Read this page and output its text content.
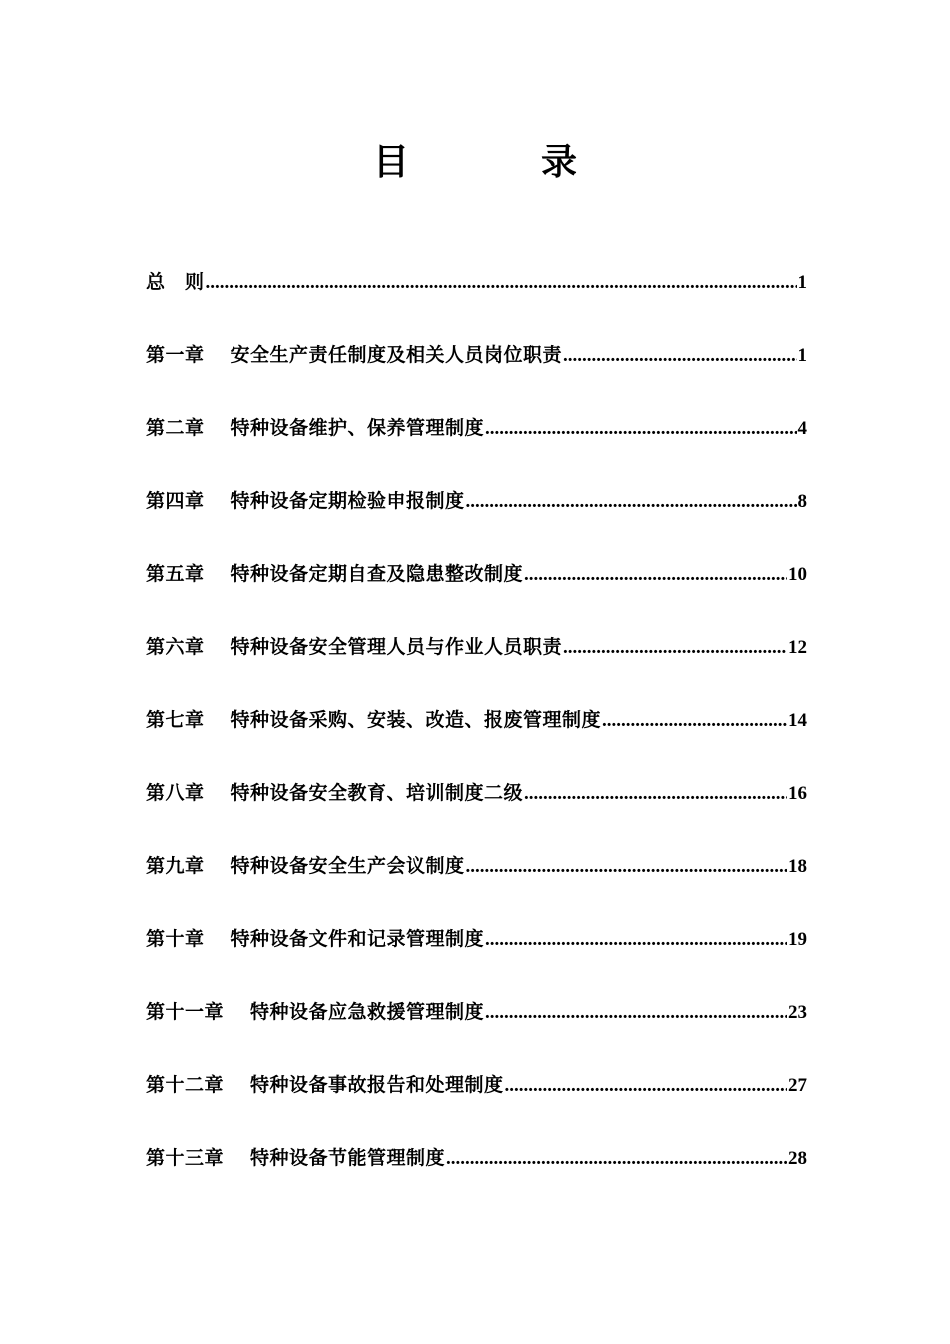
目　录
总　则 .....	1
第一章 安全生产责任制度及相关人员岗位职责 .....	1
第二章 特种设备维护、保养管理制度 .....	4
第四章 特种设备定期检验申报制度 .....	8
第五章 特种设备定期自查及隐患整改制度 .....	10
第六章 特种设备安全管理人员与作业人员职责 .....	12
第七章 特种设备采购、安装、改造、报废管理制度 .....	14
第八章 特种设备安全教育、培训制度二级 .....	16
第九章 特种设备安全生产会议制度 .....	18
第十章 特种设备文件和记录管理制度 .....	19
第十一章 特种设备应急救援管理制度 .....	23
第十二章 特种设备事故报告和处理制度 .....	27
第十三章 特种设备节能管理制度 .....	28
